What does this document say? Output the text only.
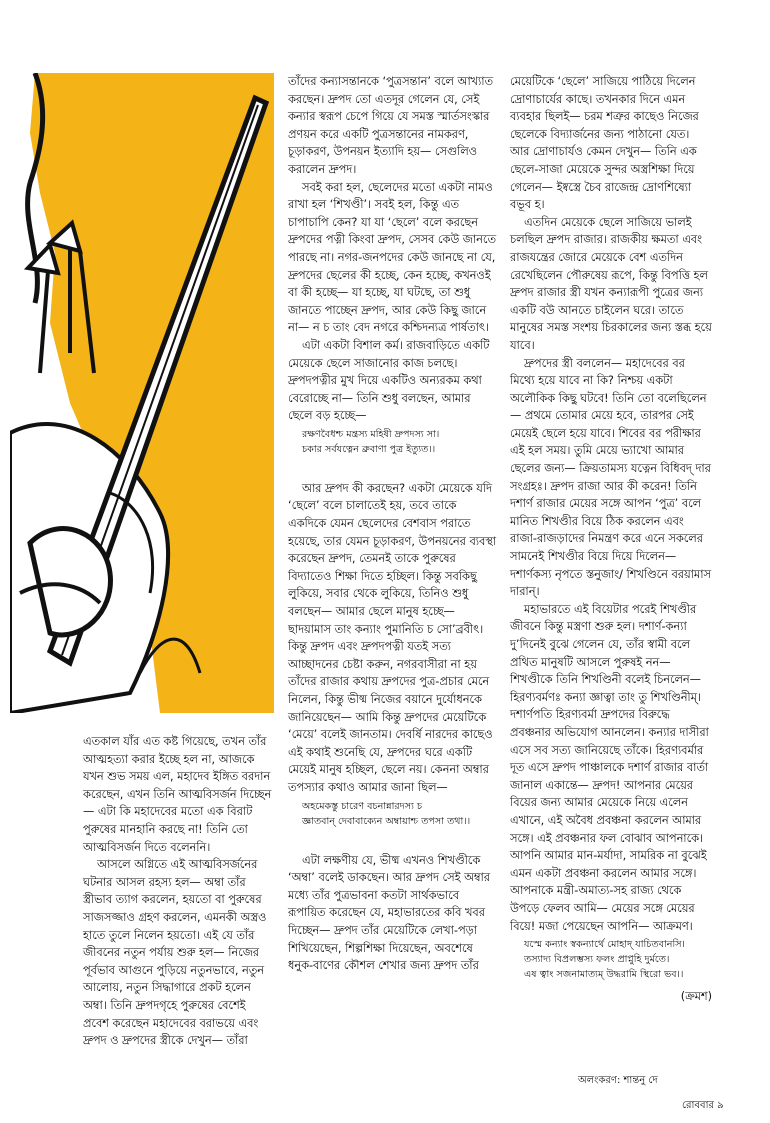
এতকাল যাঁর এত কষ্ট গিয়েছে, তখন তাঁর আত্মহত্যা করার ইচ্ছে হল না, আজকে যখন শুভ সময় এল, মহাদেব ইঙ্গিত বরদান করেছেন, এখন তিনি আত্মবিসর্জন দিচ্ছেন— এটা কি মহাদেবের মতো এক বিরাট পুরুষের মানহানি করছে না! তিনি তো আত্মবিসর্জন দিতে বলেননি।

আসলে অগ্নিতে এই আত্মবিসর্জনের ঘটনার আসল রহস্য হল— অম্বা তাঁর স্ত্রীভাব ত্যাগ করলেন, হয়তো বা পুরুষের সাজসজ্জাও গ্রহণ করলেন, এমনকী অস্ত্রও হাতে তুলে নিলেন হয়তো। এই যে তাঁর জীবনের নতুন পর্যায় শুরু হল— নিজের পূর্বভাব আগুনে পুড়িয়ে নতুনভাবে, নতুন আলোয়, নতুন সিদ্ধাগারে প্রকট হলেন অম্বা। তিনি দ্রুপদগৃহে পুরুষের বেশেই প্রবেশ করেছেন মহাদেবের বরাভয়ে এবং দ্রুপদ ও দ্রুপদের স্ত্রীকে দেখুন— তাঁরা

তাঁদের কন্যাসন্তানকে ‘পুত্রসন্তান’ বলে আখ্যাত করছেন। দ্রুপদ তো এতদূর গেলেন যে, সেই কন্যার স্বরূপ চেপে গিয়ে যে সমস্ত স্মার্তসংস্কার প্রণয়ন করে একটি পুত্রসন্তানের নামকরণ, চূড়াকরণ, উপনয়ন ইত্যাদি হয়— সেগুলিও করালেন দ্রুপদ।

সবই করা হল, ছেলেদের মতো একটা নামও রাখা হল ‘শিখণ্ডী’। সবই হল, কিন্তু এত চাপাচাপি কেন? যা যা ‘ছেলে’ বলে করছেন দ্রুপদের পত্নী কিংবা দ্রুপদ, সেসব কেউ জানতে পারছে না। নগর-জনপদের কেউ জানছে না যে, দ্রুপদের ছেলের কী হচ্ছে, কেন হচ্ছে, কখনওই বা কী হচ্ছে— যা হচ্ছে, যা ঘটছে, তা শুধু জানতে পাচ্ছেন দ্রুপদ, আর কেউ কিছু জানে না— ন চ তাং বেদ নগরে কশ্চিদন্যত্র পার্ষতাৎ।

এটা একটা বিশাল কর্ম। রাজবাড়িতে একটি মেয়েকে ছেলে সাজানোর কাজ চলছে। দ্রুপদপত্নীর মুখ দিয়ে একটিও অন্যরকম কথা বেরোচ্ছে না— তিনি শুধু বলছেন, আমার ছেলে বড় হচ্ছে—

রক্ষণবৈধশ্চ মন্ত্রস্য মহিষী দ্রুপদস্য সা।
চকার সর্বযত্নেন ব্রুবাণা পুত্র ইত্যুত।।

আর দ্রুপদ কী করছেন? একটা মেয়েকে যদি ‘ছেলে’ বলে চালাতেই হয়, তবে তাকে একদিকে যেমন ছেলেদের বেশবাস পরাতে হয়েছে, তার যেমন চূড়াকরণ, উপনয়নের ব্যবস্থা করেছেন দ্রুপদ, তেমনই তাকে পুরুষের বিদ্যাতেও শিক্ষা দিতে হচ্ছিল। কিন্তু সবকিছু লুকিয়ে, সবার থেকে লুকিয়ে, তিনিও শুধু বলছেন— আমার ছেলে মানুষ হচ্ছে— ছাদয়ামাস তাং কন্যাং পুমানিতি চ সো’ব্রবীৎ। কিন্তু দ্রুপদ এবং দ্রুপদপত্নী যতই সত্য আচ্ছাদনের চেষ্টা করুন, নগরবাসীরা না হয় তাঁদের রাজার কথায় দ্রুপদের পুত্র-প্রচার মেনে নিলেন, কিন্তু ভীষ্ম নিজের বয়ানে দুর্যোধনকে জানিয়েছেন— আমি কিন্তু দ্রুপদের মেয়েটিকে ‘মেয়ে’ বলেই জানতাম। দেবর্ষি নারদের কাছেও এই কথাই শুনেছি যে, দ্রুপদের ঘরে একটি মেয়েই মানুষ হচ্ছিল, ছেলে নয়। কেননা অম্বার তপস্যার কথাও আমার জানা ছিল—

অহমেকস্তু চারেণ বচনান্নারদস্য চ
জ্ঞাতবান্ দেবাবাক্যেন অম্বায়াশ্চ তপসা তথা।।

এটা লক্ষণীয় যে, ভীষ্ম এখনও শিখণ্ডীকে ‘অম্বা’ বলেই ডাকছেন। আর দ্রুপদ সেই অম্বার মধ্যে তাঁর পুত্রভাবনা কতটা সার্থকভাবে রূপায়িত করেছেন যে, মহাভারতের কবি খবর দিচ্ছেন— দ্রুপদ তাঁর মেয়েটিকে লেখা-পড়া শিখিয়েছেন, শিল্পশিক্ষা দিয়েছেন, অবশেষে ধনুক-বাণের কৌশল শেখার জন্য দ্রুপদ তাঁর

মেয়েটিকে ‘ছেলে’ সাজিয়ে পাঠিয়ে দিলেন দ্রোণাচার্যের কাছে। তখনকার দিনে এমন ব্যবহার ছিলই— চরম শত্রুর কাছেও নিজের ছেলেকে বিদ্যার্জনের জন্য পাঠানো যেত। আর দ্রোণাচার্যও কেমন দেখুন— তিনি এক ছেলে-সাজা মেয়েকে সুন্দর অস্ত্রশিক্ষা দিয়ে গেলেন— ইষ্বস্ত্রে চৈব রাজেন্দ্র দ্রোণশিষ্যো বভূব হ।

এতদিন মেয়েকে ছেলে সাজিয়ে ভালই চলছিল দ্রুপদ রাজার। রাজকীয় ক্ষমতা এবং রাজযন্ত্রের জোরে মেয়েকে বেশ এতদিন রেখেছিলেন পৌরুষেয় রূপে, কিন্তু বিপত্তি হল দ্রুপদ রাজার স্ত্রী যখন কন্যারূপী পুত্রের জন্য একটি বউ আনতে চাইলেন ঘরে। তাতে মানুষের সমস্ত সংশয় চিরকালের জন্য স্তব্ধ হয়ে যাবে।

দ্রুপদের স্ত্রী বললেন— মহাদেবের বর মিথ্যে হয়ে যাবে না কি? নিশ্চয় একটা অলৌকিক কিছু ঘটবে! তিনি তো বলেছিলেন— প্রথমে তোমার মেয়ে হবে, তারপর সেই মেয়েই ছেলে হয়ে যাবে। শিবের বর পরীক্ষার এই হল সময়। তুমি মেয়ে ভ্যাখো আমার ছেলের জন্য— ক্রিয়তামস্য যত্নেন বিধিবদ্ দার সংগ্রহঃ। দ্রুপদ রাজা আর কী করেন! তিনি দশার্ণ রাজার মেয়ের সঙ্গে আপন ‘পুত্র’ বলে মানিত শিখণ্ডীর বিয়ে ঠিক করলেন এবং রাজা-রাজড়াদের নিমন্ত্রণ করে এনে সকলের সামনেই শিখণ্ডীর বিয়ে দিয়ে দিলেন— দশার্ণকস্য নৃপতে স্তনুজাং/ শিখণ্ডিনে বরয়ামাস দারান্।

মহাভারতে এই বিয়েটার পরেই শিখণ্ডীর জীবনে কিন্তু মস্ত্রণা শুরু হল। দশার্ণ-কন্যা দু’দিনেই বুঝে গেলেন যে, তাঁর স্বামী বলে প্রথিত মানুষটি আসলে পুরুষই নন— শিখণ্ডীকে তিনি শিখণ্ডিনী বলেই চিনলেন— হিরণ্যবর্মণঃ কন্যা জ্ঞাত্বা তাং তু শিখণ্ডিনীম্। দশার্ণপতি হিরণ্যবর্মা দ্রুপদের বিরুদ্ধে প্রবঞ্চনার অভিযোগ আনলেন। কন্যার দাসীরা এসে সব সত্য জানিয়েছে তাঁকে। হিরণ্যবর্মার দূত এসে দ্রুপদ পাঞ্চালকে দশার্ণ রাজার বার্তা জানাল একান্তে— দ্রুপদ! আপনার মেয়ের বিয়ের জন্য আমার মেয়েকে নিয়ে এলেন এখানে, এই অবৈধ প্রবঞ্চনা করলেন আমার সঙ্গে। এই প্রবঞ্চনার ফল বোঝাব আপনাকে। আপনি আমার মান-মর্যাদা, সামরিক না বুঝেই এমন একটা প্রবঞ্চনা করলেন আমার সঙ্গে। আপনাকে মন্ত্রী-অমাত্য-সহ রাজ্য থেকে উপড়ে ফেলব আমি— মেয়ের সঙ্গে মেয়ের বিয়ে! মজা পেয়েছেন আপনি— আক্রমণ।

যস্মে কন্যাং স্বকন্যার্থে মোহাদ্ যাচিতবানসি।
তস্যাদ্য বিপ্রলম্ভস্য ফলং প্রাপ্নুহি দুর্মতে।
এষ ত্বাং সজনামাত্যম্ উদ্ধরামি স্থিরো ভব।।
(ক্রমশ)
অলংকরণ: শান্তনু দে
রোববার ৯
